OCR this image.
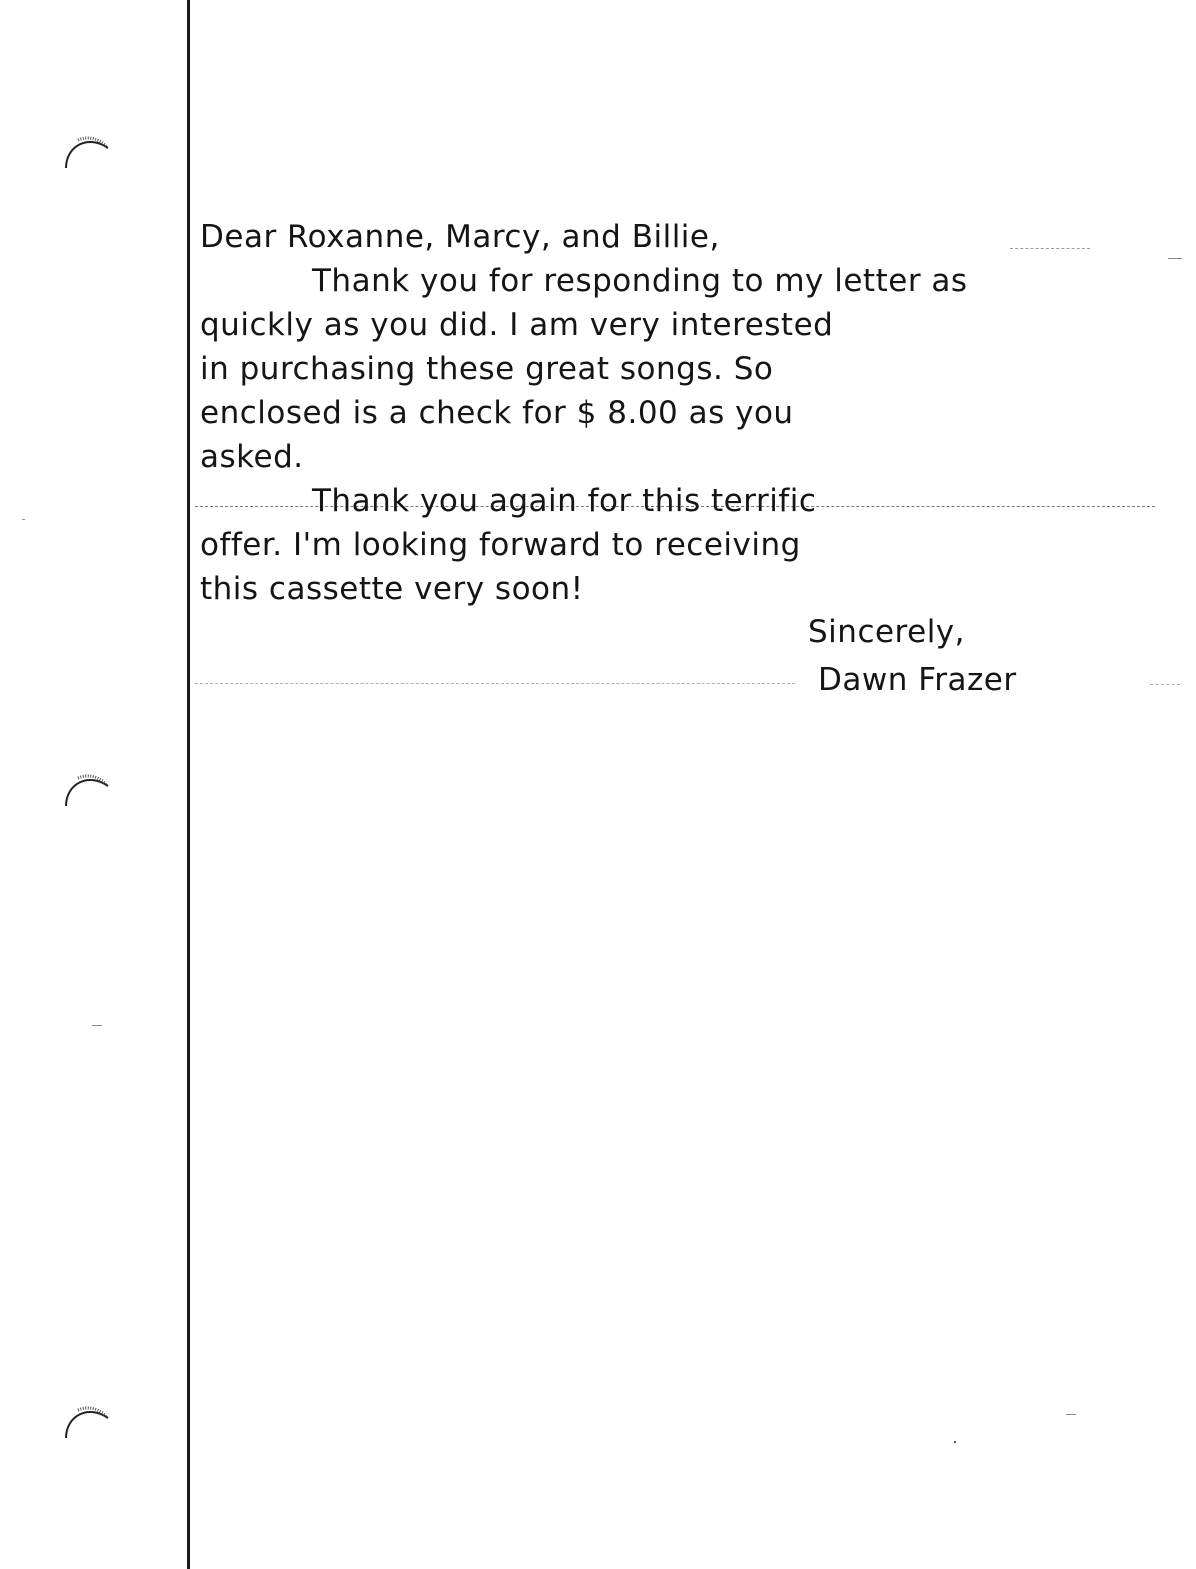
Dear Roxanne, Marcy, and Billie,
Thank you for responding to my letter as
quickly as you did. I am very interested
in purchasing these great songs. So
enclosed is a check for $ 8.00 as you
asked.
Thank you again for this terrific
offer. I'm looking forward to receiving
this cassette very soon!
Sincerely,
Dawn Frazer
